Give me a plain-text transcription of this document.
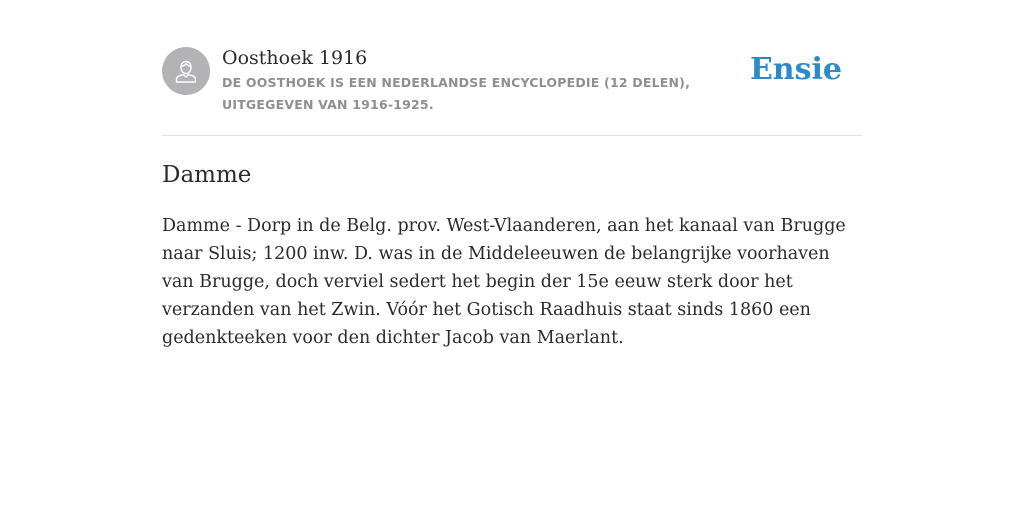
Oosthoek 1916
DE OOSTHOEK IS EEN NEDERLANDSE ENCYCLOPEDIE (12 DELEN), UITGEGEVEN VAN 1916-1925.
Ensie
Damme

Damme - Dorp in de Belg. prov. West-Vlaanderen, aan het kanaal van Brugge naar Sluis; 1200 inw. D. was in de Middeleeuwen de belangrijke voorhaven van Brugge, doch verviel sedert het begin der 15e eeuw sterk door het verzanden van het Zwin. Vóór het Gotisch Raadhuis staat sinds 1860 een gedenkteeken voor den dichter Jacob van Maerlant.
